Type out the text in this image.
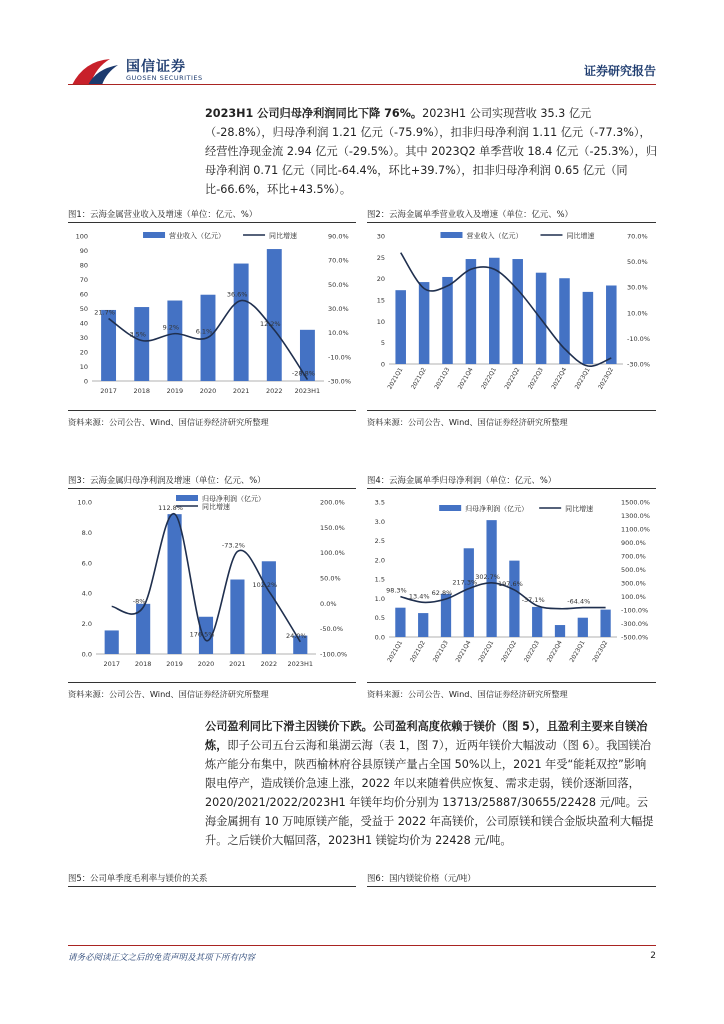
国信证券
GUOSEN SECURITIES	证券研究报告
2023H1 公司归母净利润同比下降 76%。2023H1 公司实现营收 35.3 亿元（-28.8%），归母净利润 1.21 亿元（-75.9%），扣非归母净利润 1.11 亿元（-77.3%），经营性净现金流 2.94 亿元（-29.5%）。其中 2023Q2 单季营收 18.4 亿元（-25.3%），归母净利润 0.71 亿元（同比-64.4%，环比+39.7%），扣非归母净利润 0.65 亿元（同比-66.6%，环比+43.5%）。
图1：云海金属营业收入及增速（单位：亿元、%）	图2：云海金属单季营业收入及增速（单位：亿元、%）
0
10
20
30
40
50
60
70
80
90
100
-30.0%
-10.0%
10.0%
30.0%
50.0%
70.0%
90.0%
2017	2018	2019	2020	2021	2022 2023H1
21.7%
3.5%
9.2%	6.1%
36.6%
12.2%
-28.8%
营业收入（亿元）	同比增速
0
5
10
15
20
25
30
-30.0%
-10.0%
10.0%
30.0%
50.0%
70.0%
2021Q1 2021Q2 2021Q3 2021Q4 2022Q1 2022Q2 2022Q3 2022Q4 2023Q1 2023Q2
营业收入（亿元）	同比增速
资料来源：公司公告、Wind、国信证券经济研究所整理	资料来源：公司公告、Wind、国信证券经济研究所整理
图3：云海金属归母净利润及增速（单位：亿元、%）	图4：云海金属单季归母净利润（单位：亿元、%）
0.0
2.0
4.0
6.0
8.0
10.0
-100.0%
-50.0%
0.0%
50.0%
100.0%
150.0%
200.0%
2017 2018 2019 2020 2021 2022 2023H1
-8%
112.8%
176.5%
-73.2%
102.2%
24.0%
归母净利润（亿元）
同比增速
0.0
0.5
1.0
1.5
2.0
2.5
3.0
3.5
-500.0%
-300.0%
-100.0%
100.0%
300.0%
500.0%
700.0%
900.0%
1100.0%
1300.0%
1500.0%
2021Q1 2021Q2 2021Q3 2021Q4 2022Q1 2022Q2 2022Q3 2022Q4 2023Q1 2023Q2
98.3%
13.4% 62.8%
217.3%
302.7%
197.6%
-37.1%	-64.4%
归母净利润（亿元）	同比增速
资料来源：公司公告、Wind、国信证券经济研究所整理	资料来源：公司公告、Wind、国信证券经济研究所整理
公司盈利同比下滑主因镁价下跌。公司盈利高度依赖于镁价（图 5），且盈利主要来自镁冶炼，即子公司五台云海和巢湖云海（表 1，图 7），近两年镁价大幅波动（图 6）。我国镁冶炼产能分布集中，陕西榆林府谷县原镁产量占全国 50%以上，2021 年受“能耗双控”影响限电停产，造成镁价急速上涨，2022 年以来随着供应恢复、需求走弱，镁价逐渐回落，2020/2021/2022/2023H1 年镁年均价分别为 13713/25887/30655/22428 元/吨。云海金属拥有 10 万吨原镁产能，受益于 2022 年高镁价，公司原镁和镁合金版块盈利大幅提升。之后镁价大幅回落，2023H1 镁锭均价为 22428 元/吨。
图5：公司单季度毛利率与镁价的关系	图6：国内镁锭价格（元/吨）
请务必阅读正文之后的免责声明及其项下所有内容	2
